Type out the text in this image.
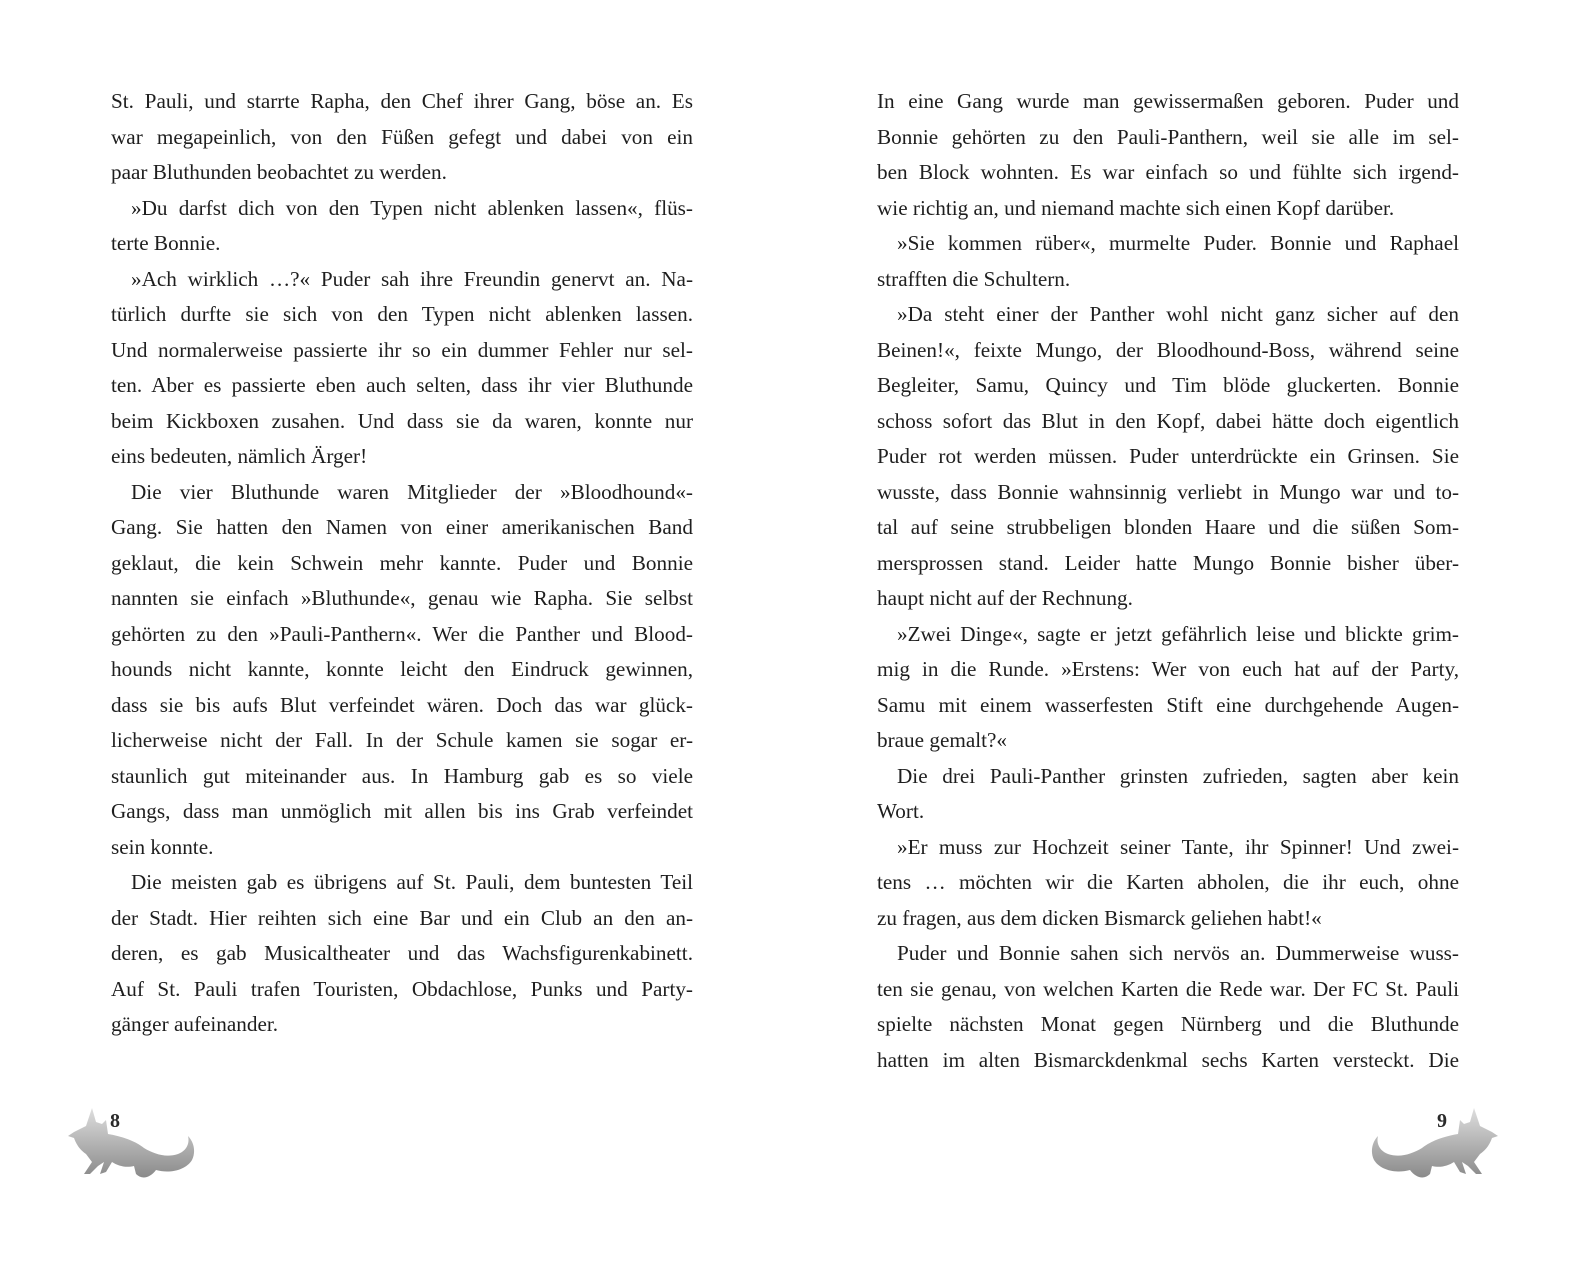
St. Pauli, und starrte Rapha, den Chef ihrer Gang, böse an. Es
war megapeinlich, von den Füßen gefegt und dabei von ein
paar Bluthunden beobachtet zu werden.
»Du darfst dich von den Typen nicht ablenken lassen«, flüs-
terte Bonnie.
»Ach wirklich …?« Puder sah ihre Freundin genervt an. Na-
türlich durfte sie sich von den Typen nicht ablenken lassen.
Und normalerweise passierte ihr so ein dummer Fehler nur sel-
ten. Aber es passierte eben auch selten, dass ihr vier Bluthunde
beim Kickboxen zusahen. Und dass sie da waren, konnte nur
eins bedeuten, nämlich Ärger!
Die vier Bluthunde waren Mitglieder der »Bloodhound«-
Gang. Sie hatten den Namen von einer amerikanischen Band
geklaut, die kein Schwein mehr kannte. Puder und Bonnie
nannten sie einfach »Bluthunde«, genau wie Rapha. Sie selbst
gehörten zu den »Pauli-Panthern«. Wer die Panther und Blood-
hounds nicht kannte, konnte leicht den Eindruck gewinnen,
dass sie bis aufs Blut verfeindet wären. Doch das war glück-
licherweise nicht der Fall. In der Schule kamen sie sogar er-
staunlich gut miteinander aus. In Hamburg gab es so viele
Gangs, dass man unmöglich mit allen bis ins Grab verfeindet
sein konnte.
Die meisten gab es übrigens auf St. Pauli, dem buntesten Teil
der Stadt. Hier reihten sich eine Bar und ein Club an den an-
deren, es gab Musicaltheater und das Wachsfigurenkabinett.
Auf St. Pauli trafen Touristen, Obdachlose, Punks und Party-
gänger aufeinander.
8
In eine Gang wurde man gewissermaßen geboren. Puder und
Bonnie gehörten zu den Pauli-Panthern, weil sie alle im sel-
ben Block wohnten. Es war einfach so und fühlte sich irgend-
wie richtig an, und niemand machte sich einen Kopf darüber.
»Sie kommen rüber«, murmelte Puder. Bonnie und Raphael
strafften die Schultern.
»Da steht einer der Panther wohl nicht ganz sicher auf den
Beinen!«, feixte Mungo, der Bloodhound-Boss, während seine
Begleiter, Samu, Quincy und Tim blöde gluckerten. Bonnie
schoss sofort das Blut in den Kopf, dabei hätte doch eigentlich
Puder rot werden müssen. Puder unterdrückte ein Grinsen. Sie
wusste, dass Bonnie wahnsinnig verliebt in Mungo war und to-
tal auf seine strubbeligen blonden Haare und die süßen Som-
mersprossen stand. Leider hatte Mungo Bonnie bisher über-
haupt nicht auf der Rechnung.
»Zwei Dinge«, sagte er jetzt gefährlich leise und blickte grim-
mig in die Runde. »Erstens: Wer von euch hat auf der Party,
Samu mit einem wasserfesten Stift eine durchgehende Augen-
braue gemalt?«
Die drei Pauli-Panther grinsten zufrieden, sagten aber kein
Wort.
»Er muss zur Hochzeit seiner Tante, ihr Spinner! Und zwei-
tens … möchten wir die Karten abholen, die ihr euch, ohne
zu fragen, aus dem dicken Bismarck geliehen habt!«
Puder und Bonnie sahen sich nervös an. Dummerweise wuss-
ten sie genau, von welchen Karten die Rede war. Der FC St. Pauli
spielte nächsten Monat gegen Nürnberg und die Bluthunde
hatten im alten Bismarckdenkmal sechs Karten versteckt. Die
9
